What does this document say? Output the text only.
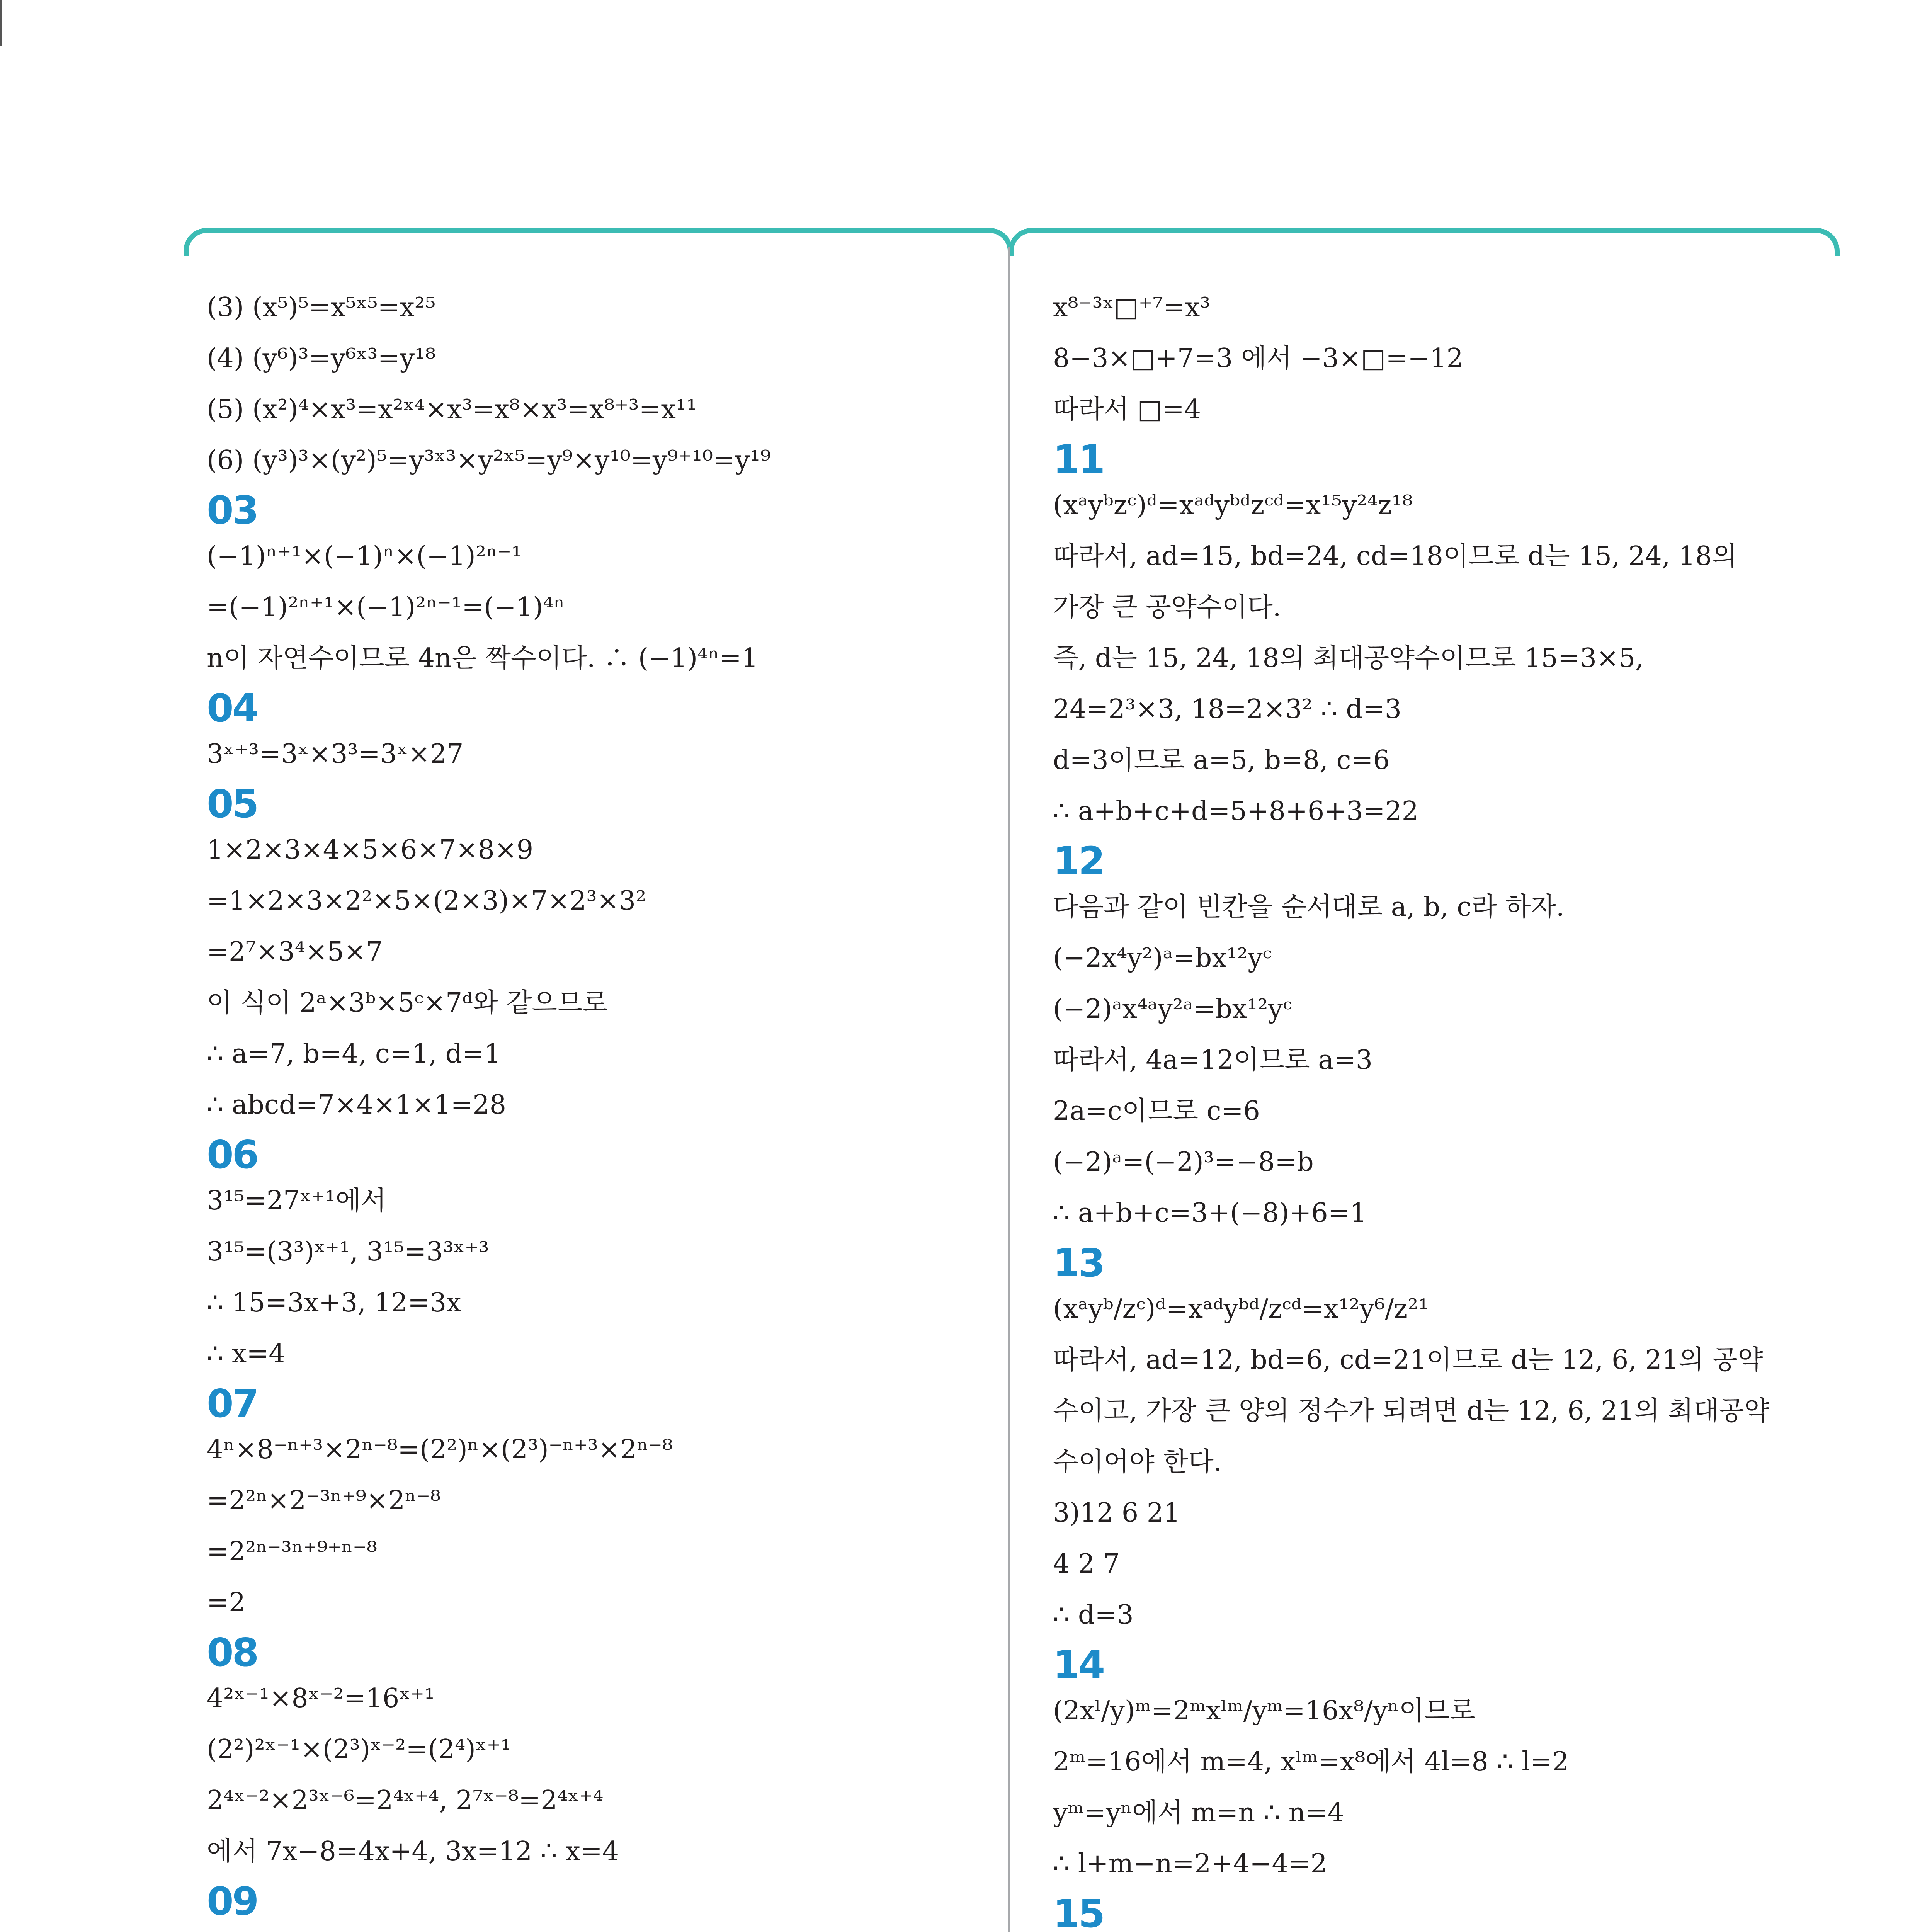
(3) (x⁵)⁵=x⁵ˣ⁵=x²⁵
(4) (y⁶)³=y⁶ˣ³=y¹⁸
(5) (x²)⁴×x³=x²ˣ⁴×x³=x⁸×x³=x⁸⁺³=x¹¹
(6) (y³)³×(y²)⁵=y³ˣ³×y²ˣ⁵=y⁹×y¹⁰=y⁹⁺¹⁰=y¹⁹
03
(−1)ⁿ⁺¹×(−1)ⁿ×(−1)²ⁿ⁻¹
=(−1)²ⁿ⁺¹×(−1)²ⁿ⁻¹=(−1)⁴ⁿ
n이 자연수이므로 4n은 짝수이다. ∴ (−1)⁴ⁿ=1
04
3ˣ⁺³=3ˣ×3³=3ˣ×27
05
1×2×3×4×5×6×7×8×9
=1×2×3×2²×5×(2×3)×7×2³×3²
=2⁷×3⁴×5×7
이 식이 2ᵃ×3ᵇ×5ᶜ×7ᵈ와 같으므로
∴ a=7, b=4, c=1, d=1
∴ abcd=7×4×1×1=28
06
3¹⁵=27ˣ⁺¹에서
3¹⁵=(3³)ˣ⁺¹, 3¹⁵=3³ˣ⁺³
∴ 15=3x+3, 12=3x
∴ x=4
07
4ⁿ×8⁻ⁿ⁺³×2ⁿ⁻⁸=(2²)ⁿ×(2³)⁻ⁿ⁺³×2ⁿ⁻⁸
=2²ⁿ×2⁻³ⁿ⁺⁹×2ⁿ⁻⁸
=2²ⁿ⁻³ⁿ⁺⁹⁺ⁿ⁻⁸
=2
08
4²ˣ⁻¹×8ˣ⁻²=16ˣ⁺¹
(2²)²ˣ⁻¹×(2³)ˣ⁻²=(2⁴)ˣ⁺¹
2⁴ˣ⁻²×2³ˣ⁻⁶=2⁴ˣ⁺⁴, 2⁷ˣ⁻⁸=2⁴ˣ⁺⁴
에서 7x−8=4x+4, 3x=12 ∴ x=4
09
x⁸⁻³ˣ□⁺⁷=x³
8−3×□+7=3 에서 −3×□=−12
따라서 □=4
11
(xᵃyᵇzᶜ)ᵈ=xᵃᵈyᵇᵈzᶜᵈ=x¹⁵y²⁴z¹⁸
따라서, ad=15, bd=24, cd=18이므로 d는 15, 24, 18의
가장 큰 공약수이다.
즉, d는 15, 24, 18의 최대공약수이므로 15=3×5,
24=2³×3, 18=2×3² ∴ d=3
d=3이므로 a=5, b=8, c=6
∴ a+b+c+d=5+8+6+3=22
12
다음과 같이 빈칸을 순서대로 a, b, c라 하자.
(−2x⁴y²)ᵃ=bx¹²yᶜ
(−2)ᵃx⁴ᵃy²ᵃ=bx¹²yᶜ
따라서, 4a=12이므로 a=3
2a=c이므로 c=6
(−2)ᵃ=(−2)³=−8=b
∴ a+b+c=3+(−8)+6=1
13
(xᵃyᵇ/zᶜ)ᵈ=xᵃᵈyᵇᵈ/zᶜᵈ=x¹²y⁶/z²¹
따라서, ad=12, bd=6, cd=21이므로 d는 12, 6, 21의 공약
수이고, 가장 큰 양의 정수가 되려면 d는 12, 6, 21의 최대공약
수이어야 한다.
3)12 6 21
4 2 7
∴ d=3
14
(2xˡ/y)ᵐ=2ᵐxˡᵐ/yᵐ=16x⁸/yⁿ이므로
2ᵐ=16에서 m=4, xˡᵐ=x⁸에서 4l=8 ∴ l=2
yᵐ=yⁿ에서 m=n ∴ n=4
∴ l+m−n=2+4−4=2
15
